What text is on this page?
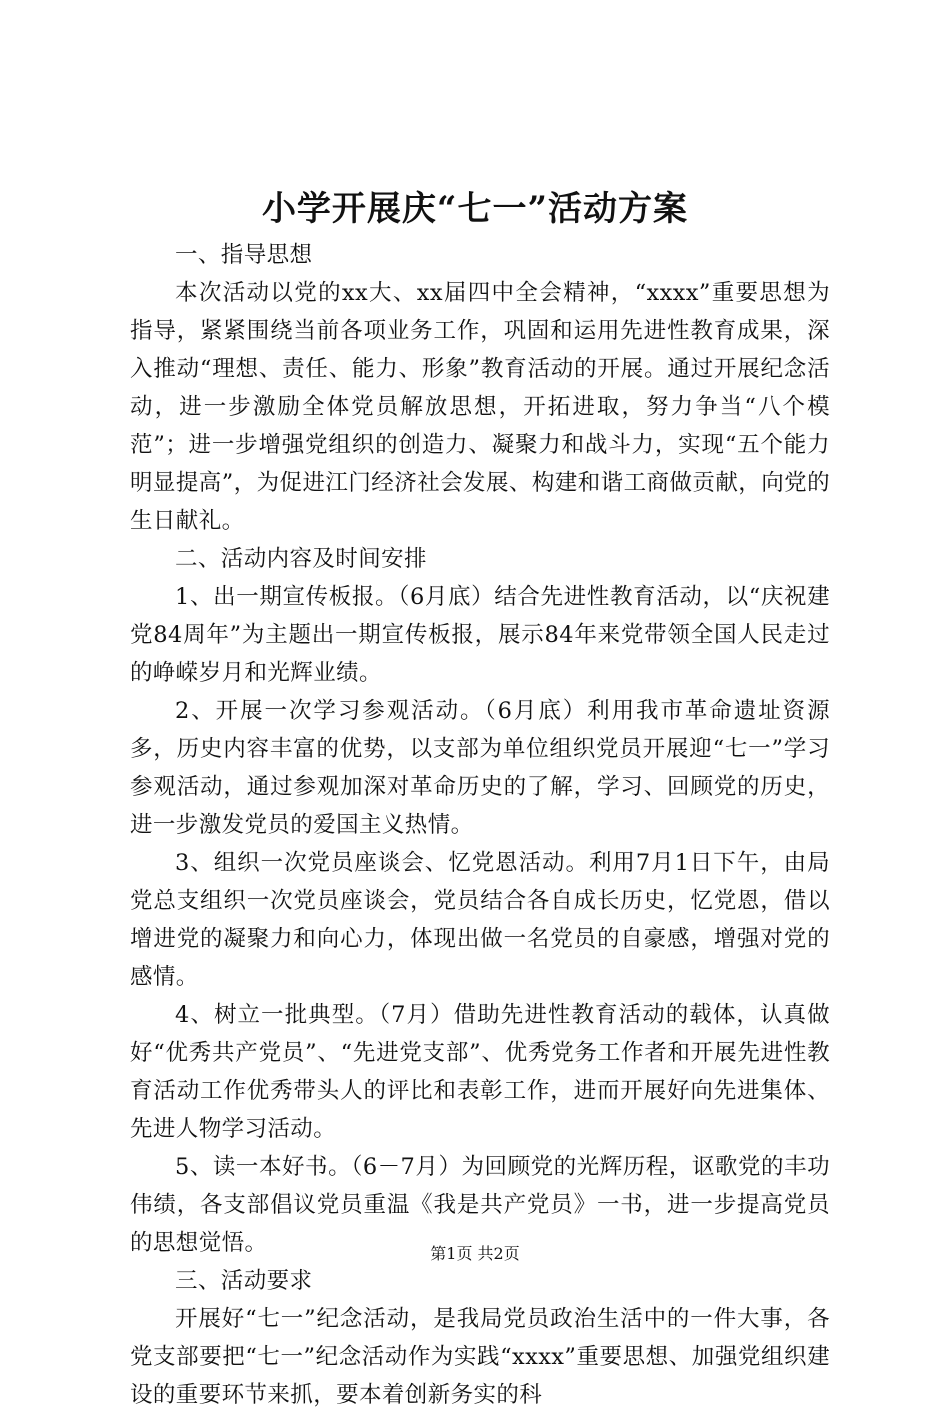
小学开展庆“七一”活动方案

一、指导思想

本次活动以党的xx大、xx届四中全会精神，“xxxx”重要思想为指导，紧紧围绕当前各项业务工作，巩固和运用先进性教育成果，深入推动“理想、责任、能力、形象”教育活动的开展。通过开展纪念活动，进一步激励全体党员解放思想，开拓进取，努力争当“八个模范”；进一步增强党组织的创造力、凝聚力和战斗力，实现“五个能力明显提高”，为促进江门经济社会发展、构建和谐工商做贡献，向党的生日献礼。

二、活动内容及时间安排

1、出一期宣传板报。（6月底）结合先进性教育活动，以“庆祝建党84周年”为主题出一期宣传板报，展示84年来党带领全国人民走过的峥嵘岁月和光辉业绩。

2、开展一次学习参观活动。（6月底）利用我市革命遗址资源多，历史内容丰富的优势，以支部为单位组织党员开展迎“七一”学习参观活动，通过参观加深对革命历史的了解，学习、回顾党的历史，进一步激发党员的爱国主义热情。

3、组织一次党员座谈会、忆党恩活动。利用7月1日下午，由局党总支组织一次党员座谈会，党员结合各自成长历史，忆党恩，借以增进党的凝聚力和向心力，体现出做一名党员的自豪感，增强对党的感情。

4、树立一批典型。（7月）借助先进性教育活动的载体，认真做好“优秀共产党员”、“先进党支部”、优秀党务工作者和开展先进性教育活动工作优秀带头人的评比和表彰工作，进而开展好向先进集体、先进人物学习活动。

5、读一本好书。（6－7月）为回顾党的光辉历程，讴歌党的丰功伟绩，各支部倡议党员重温《我是共产党员》一书，进一步提高党员的思想觉悟。

三、活动要求

开展好“七一”纪念活动，是我局党员政治生活中的一件大事，各党支部要把“七一”纪念活动作为实践“xxxx”重要思想、加强党组织建设的重要环节来抓，要本着创新务实的科

第1页 共2页
